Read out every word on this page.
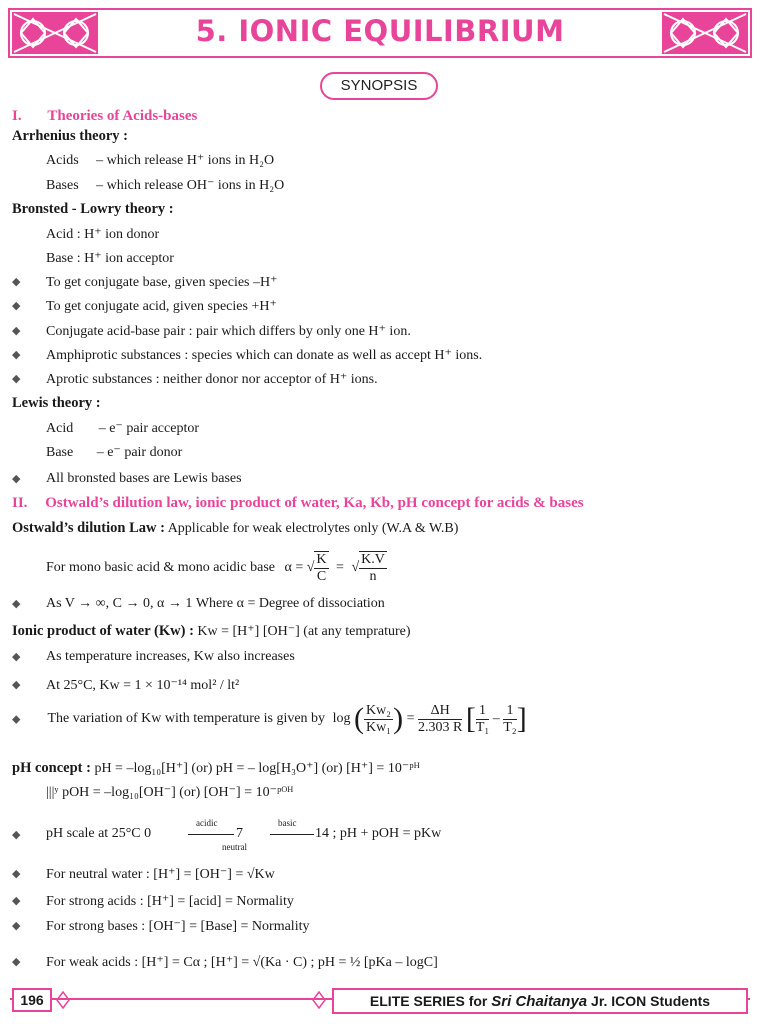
5. IONIC EQUILIBRIUM
SYNOPSIS
I. Theories of Acids-bases
Arrhenius theory :
Acids – which release H⁺ ions in H₂O
Bases – which release OH⁻ ions in H₂O
Bronsted - Lowry theory :
Acid : H⁺ ion donor
Base : H⁺ ion acceptor
◆ To get conjugate base, given species –H⁺
◆ To get conjugate acid, given species +H⁺
◆ Conjugate acid-base pair : pair which differs by only one H⁺ ion.
◆ Amphiprotic substances : species which can donate as well as accept H⁺ ions.
◆ Aprotic substances : neither donor nor acceptor of H⁺ ions.
Lewis theory :
Acid – e⁻ pair acceptor
Base – e⁻ pair donor
◆ All bronsted bases are Lewis bases
II. Ostwald’s dilution law, ionic product of water, Ka, Kb, pH concept for acids & bases
Ostwald’s dilution Law : Applicable for weak electrolytes only (W.A & W.B)
For mono basic acid & mono acidic base α = √ $\frac{K}{C}$ = √ $\frac{K.V}{n}$
◆ As V → ∞, C → 0, α → 1 Where α = Degree of dissociation
Ionic product of water (Kw) : Kw = [H⁺] [OH⁻] (at any temprature)
◆ As temperature increases, Kw also increases
◆ At 25°C, Kw = 1 × 10⁻¹⁴ mol² / lt²
◆ The variation of Kw with temperature is given by log ( $\frac{\text{Kw₂}}{\text{Kw₁}}$ ) = $\frac{\Delta H}{2.303 R}$ [ $\frac{1}{\text{T₁}} - \frac{1}{\text{T₂}}$ ]
pH concept : pH = –log₁₀[H⁺] (or) pH = – log[H₃O⁺] (or) [H⁺] = 10⁻ᵖᴴ
|||ʸ pOH = –log₁₀[OH⁻] (or) [OH⁻] = 10⁻ᵖᴼᴴ
◆ pH scale at 25°C 0
acidic
7
neutral
basic
14 ; pH + pOH = pKw
◆ For neutral water : [H⁺] = [OH⁻] = √Kw
◆ For strong acids : [H⁺] = [acid] = Normality
◆ For strong bases : [OH⁻] = [Base] = Normality
◆ For weak acids : [H⁺] = Cα ; [H⁺] = √(Ka · C) ; pH = ½ [pKa – logC]
196	ELITE SERIES for Sri Chaitanya Jr. ICON Students
